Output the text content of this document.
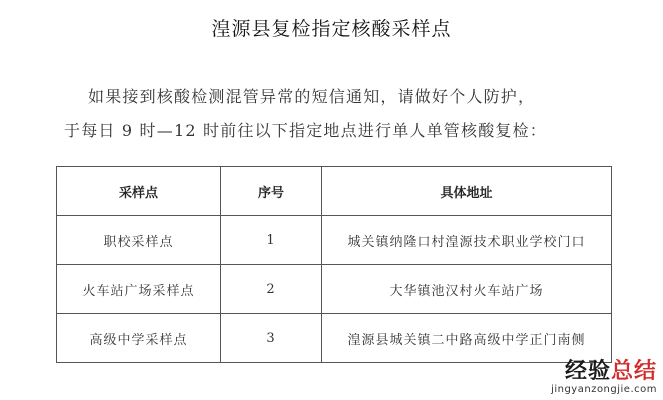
湟源县复检指定核酸采样点
如果接到核酸检测混管异常的短信通知，请做好个人防护，
于每日 9 时—12 时前往以下指定地点进行单人单管核酸复检：
采样点	序号	具体地址
职校采样点	1	城关镇纳隆口村湟源技术职业学校门口
火车站广场采样点	2	大华镇池汉村火车站广场
高级中学采样点	3	湟源县城关镇二中路高级中学正门南侧
经验总结
jingyanzongjie.com
